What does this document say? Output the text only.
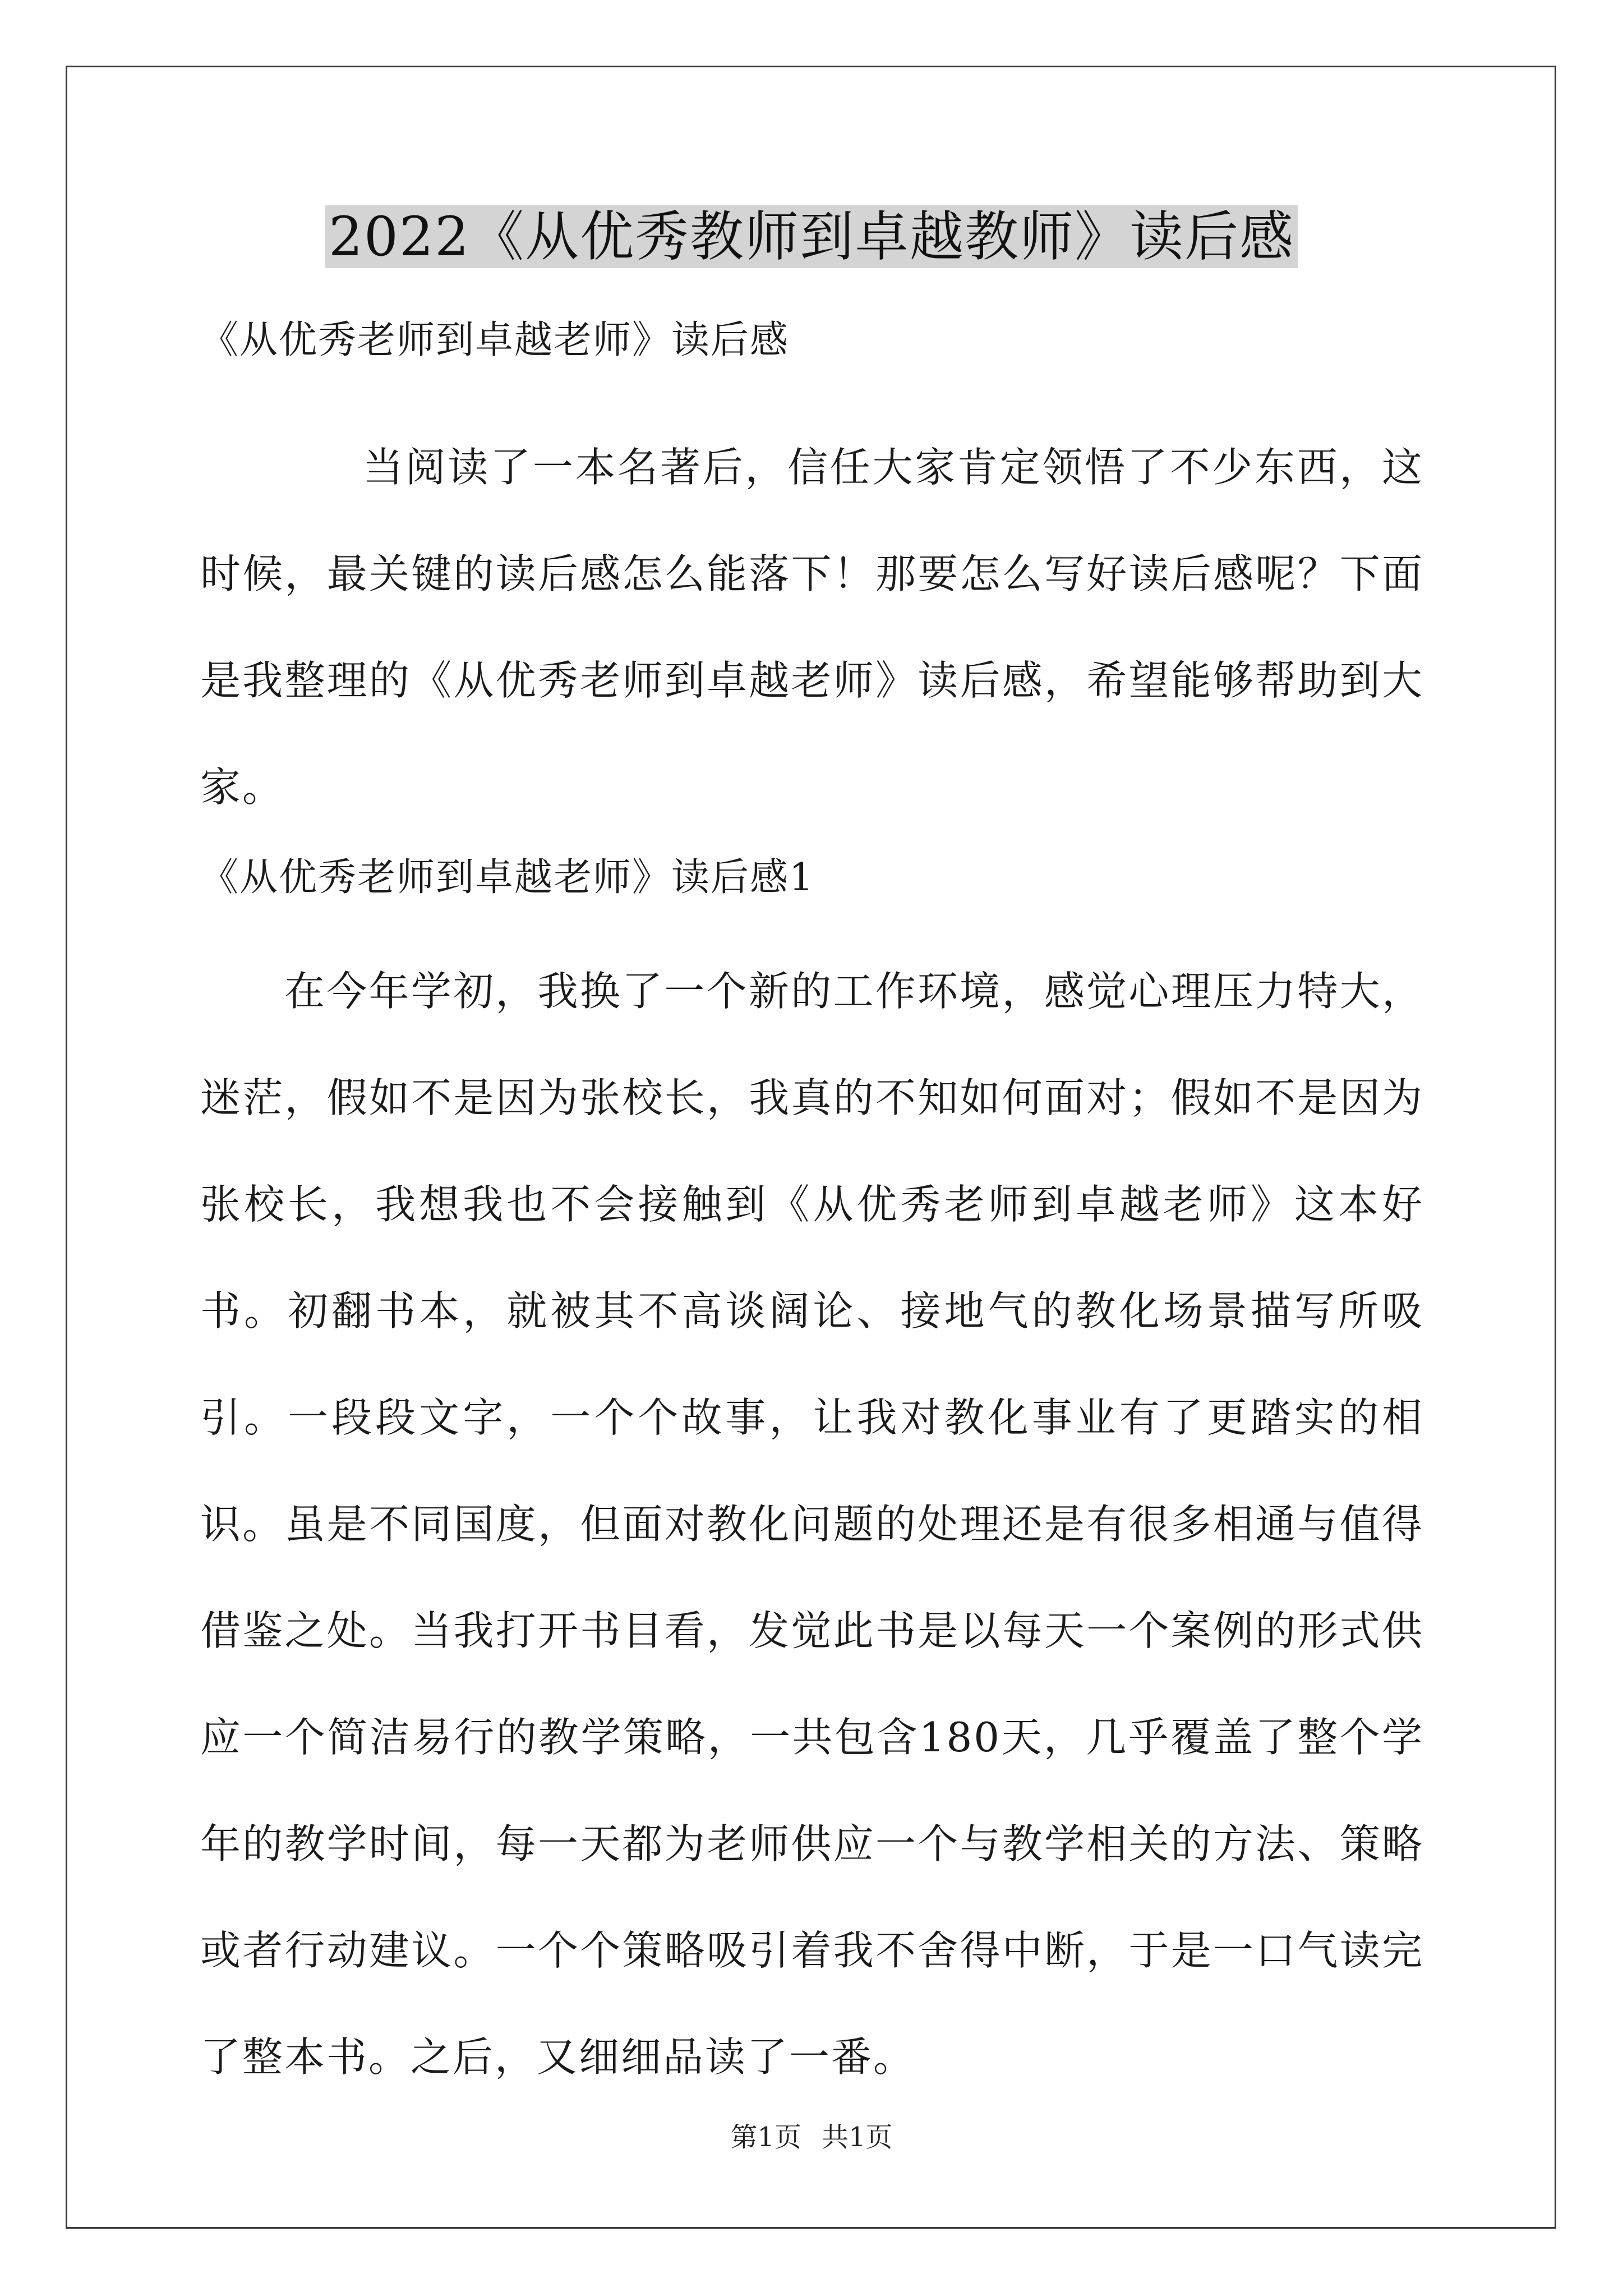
2022《从优秀教师到卓越教师》读后感

《从优秀老师到卓越老师》读后感

当阅读了一本名著后，信任大家肯定领悟了不少东西，这时候，最关键的读后感怎么能落下！那要怎么写好读后感呢？下面是我整理的《从优秀老师到卓越老师》读后感，希望能够帮助到大家。

《从优秀老师到卓越老师》读后感1

在今年学初，我换了一个新的工作环境，感觉心理压力特大，迷茫，假如不是因为张校长，我真的不知如何面对；假如不是因为张校长，我想我也不会接触到《从优秀老师到卓越老师》这本好书。初翻书本，就被其不高谈阔论、接地气的教化场景描写所吸引。一段段文字，一个个故事，让我对教化事业有了更踏实的相识。虽是不同国度，但面对教化问题的处理还是有很多相通与值得借鉴之处。当我打开书目看，发觉此书是以每天一个案例的形式供应一个简洁易行的教学策略，一共包含180天，几乎覆盖了整个学年的教学时间，每一天都为老师供应一个与教学相关的方法、策略或者行动建议。一个个策略吸引着我不舍得中断，于是一口气读完了整本书。之后，又细细品读了一番。

第1页 共1页
